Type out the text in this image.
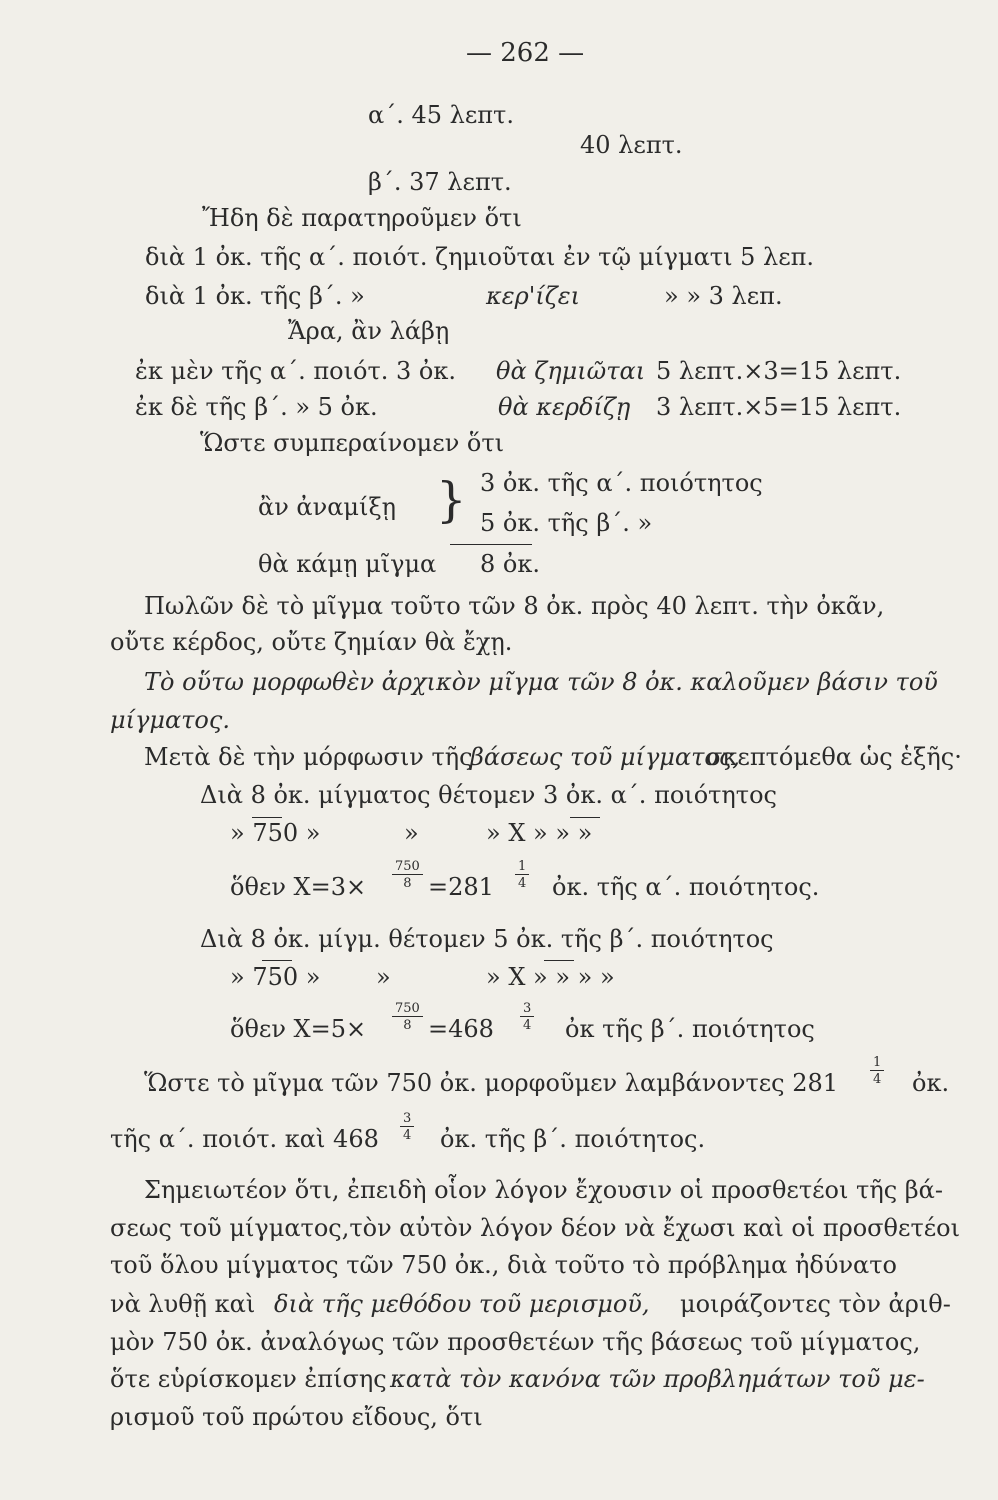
— 262 —
α΄. 45 λεπτ.
40 λεπτ.
β΄. 37 λεπτ.
Ἤδη δὲ παρατηροῦμεν ὅτι
διὰ 1 ὀκ. τῆς α΄. ποιότ. ζημιοῦται ἐν τῷ μίγματι 5 λεπ.
διὰ 1 ὀκ. τῆς β΄. »	κερ'ίζει	» » 3 λεπ.
Ἄρα, ἂν λάβῃ
ἐκ μὲν τῆς α΄. ποιότ. 3 ὀκ. θὰ ζημιῶται 5 λεπτ.×3=15 λεπτ.
ἐκ δὲ τῆς β΄. » 5 ὀκ.	θὰ κερδίζῃ 3 λεπτ.×5=15 λεπτ.
Ὥστε συμπεραίνομεν ὅτι
ἂν ἀναμίξῃ } 3 ὀκ. τῆς α΄. ποιότητος
5 ὀκ. τῆς β΄. »
θὰ κάμῃ μῖγμα 8 ὀκ.
Πωλῶν δὲ τὸ μῖγμα τοῦτο τῶν 8 ὀκ. πρὸς 40 λεπτ. τὴν ὀκᾶν,
οὔτε κέρδος, οὔτε ζημίαν θὰ ἔχῃ.
Τὸ οὕτω μορφωθὲν ἀρχικὸν μῖγμα τῶν 8 ὀκ. καλοῦμεν βάσιν τοῦ
μίγματος.
Μετὰ δὲ τὴν μόρφωσιν τῆς
βάσεως τοῦ μίγματος,
σκεπτόμεθα ὡς ἑξῆς·
Διὰ 8 ὀκ. μίγματος θέτομεν 3 ὀκ. α΄. ποιότητος
» 750 »	»	» X » » »
ὅθεν $X=3\times \frac{750}{8} =281 \frac{1}{4}$ ὀκ. τῆς α΄. ποιότητος.
Διὰ 8 ὀκ. μίγμ. θέτομεν 5 ὀκ. τῆς β΄. ποιότητος
» 750 » »	» X » » » »
ὅθεν $X=5\times \frac{750}{8} =468 \frac{3}{4}$ ὀκ τῆς β΄. ποιότητος
Ὥστε τὸ μῖγμα τῶν 750 ὀκ. μορφοῦμεν λαμβάνοντες $281 \frac{1}{4}$ ὀκ.
τῆς α΄. ποιότ. καὶ $468 \frac{3}{4}$ ὀκ. τῆς β΄. ποιότητος.
Σημειωτέον ὅτι, ἐπειδὴ οἷον λόγον ἔχουσιν οἱ προσθετέοι τῆς βά-
σεως τοῦ μίγματος,τὸν αὐτὸν λόγον δέον νὰ ἔχωσι καὶ οἱ προσθετέοι
τοῦ ὅλου μίγματος τῶν 750 ὀκ., διὰ τοῦτο τὸ πρόβλημα ἠδύνατο
νὰ λυθῇ καὶ διὰ τῆς μεθόδου τοῦ μερισμοῦ, μοιράζοντες τὸν ἀριθ-
μὸν 750 ὀκ. ἀναλόγως τῶν προσθετέων τῆς βάσεως τοῦ μίγματος,
ὅτε εὑρίσκομεν ἐπίσης κατὰ τὸν κανόνα τῶν προβλημάτων τοῦ με-
ρισμοῦ τοῦ πρώτου εἴδους, ὅτι
